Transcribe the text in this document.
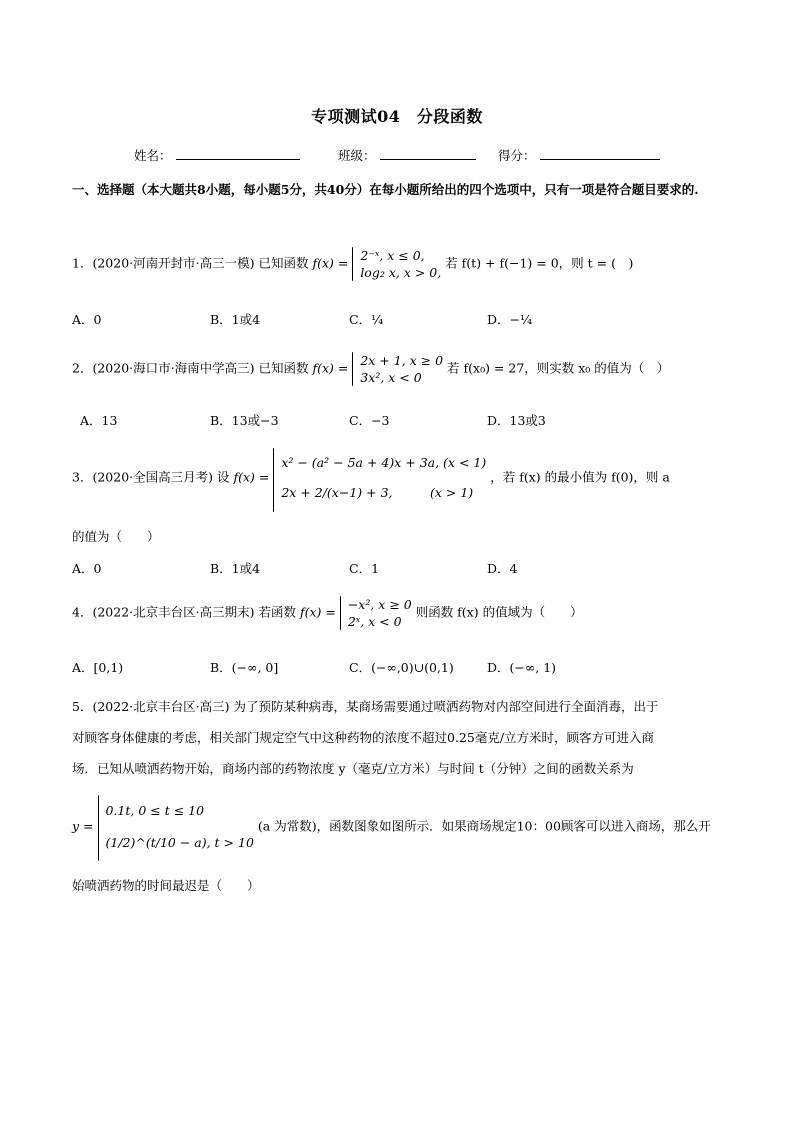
专项测试04　分段函数
姓名：	班级：	得分：
一、选择题（本大题共8小题，每小题5分，共40分）在每小题所给出的四个选项中，只有一项是符合题目要求的.
1．(2020·河南开封市·高三一模) 已知函数 f(x) = 2⁻ˣ, x ≤ 0,
log₂ x, x > 0,
若 f(t) + f(−1) = 0，则 t = (　)
A．0	B．1或4	C．¼	D．−¼
2．(2020·海口市·海南中学高三) 已知函数 f(x) = 2x + 1, x ≥ 0
3x², x < 0
若 f(x₀) = 27，则实数 x₀ 的值为（　）
A．13	B．13或−3	C．−3	D．13或3
3．(2020·全国高三月考) 设 f(x) =
x² − (a² − 5a + 4)x + 3a, (x < 1)
2x + 2/(x−1) + 3,　　　(x > 1)
，若 f(x) 的最小值为 f(0)，则 a
的值为（　　）
A．0	B．1或4	C．1	D．4
4．(2022·北京丰台区·高三期末) 若函数 f(x) = −x², x ≥ 0
2ˣ, x < 0
则函数 f(x) 的值域为（　　）
A．[0,1)	B．(−∞, 0]	C．(−∞,0)∪(0,1)	D．(−∞, 1)
5．(2022·北京丰台区·高三) 为了预防某种病毒，某商场需要通过喷洒药物对内部空间进行全面消毒，出于
对顾客身体健康的考虑，相关部门规定空气中这种药物的浓度不超过0.25毫克/立方米时，顾客方可进入商
场．已知从喷洒药物开始，商场内部的药物浓度 y（毫克/立方米）与时间 t（分钟）之间的函数关系为
y =
0.1t, 0 ≤ t ≤ 10
(1/2)^(t/10 − a), t > 10
(a 为常数)，函数图象如图所示．如果商场规定10：00顾客可以进入商场，那么开
始喷洒药物的时间最迟是（　　）
